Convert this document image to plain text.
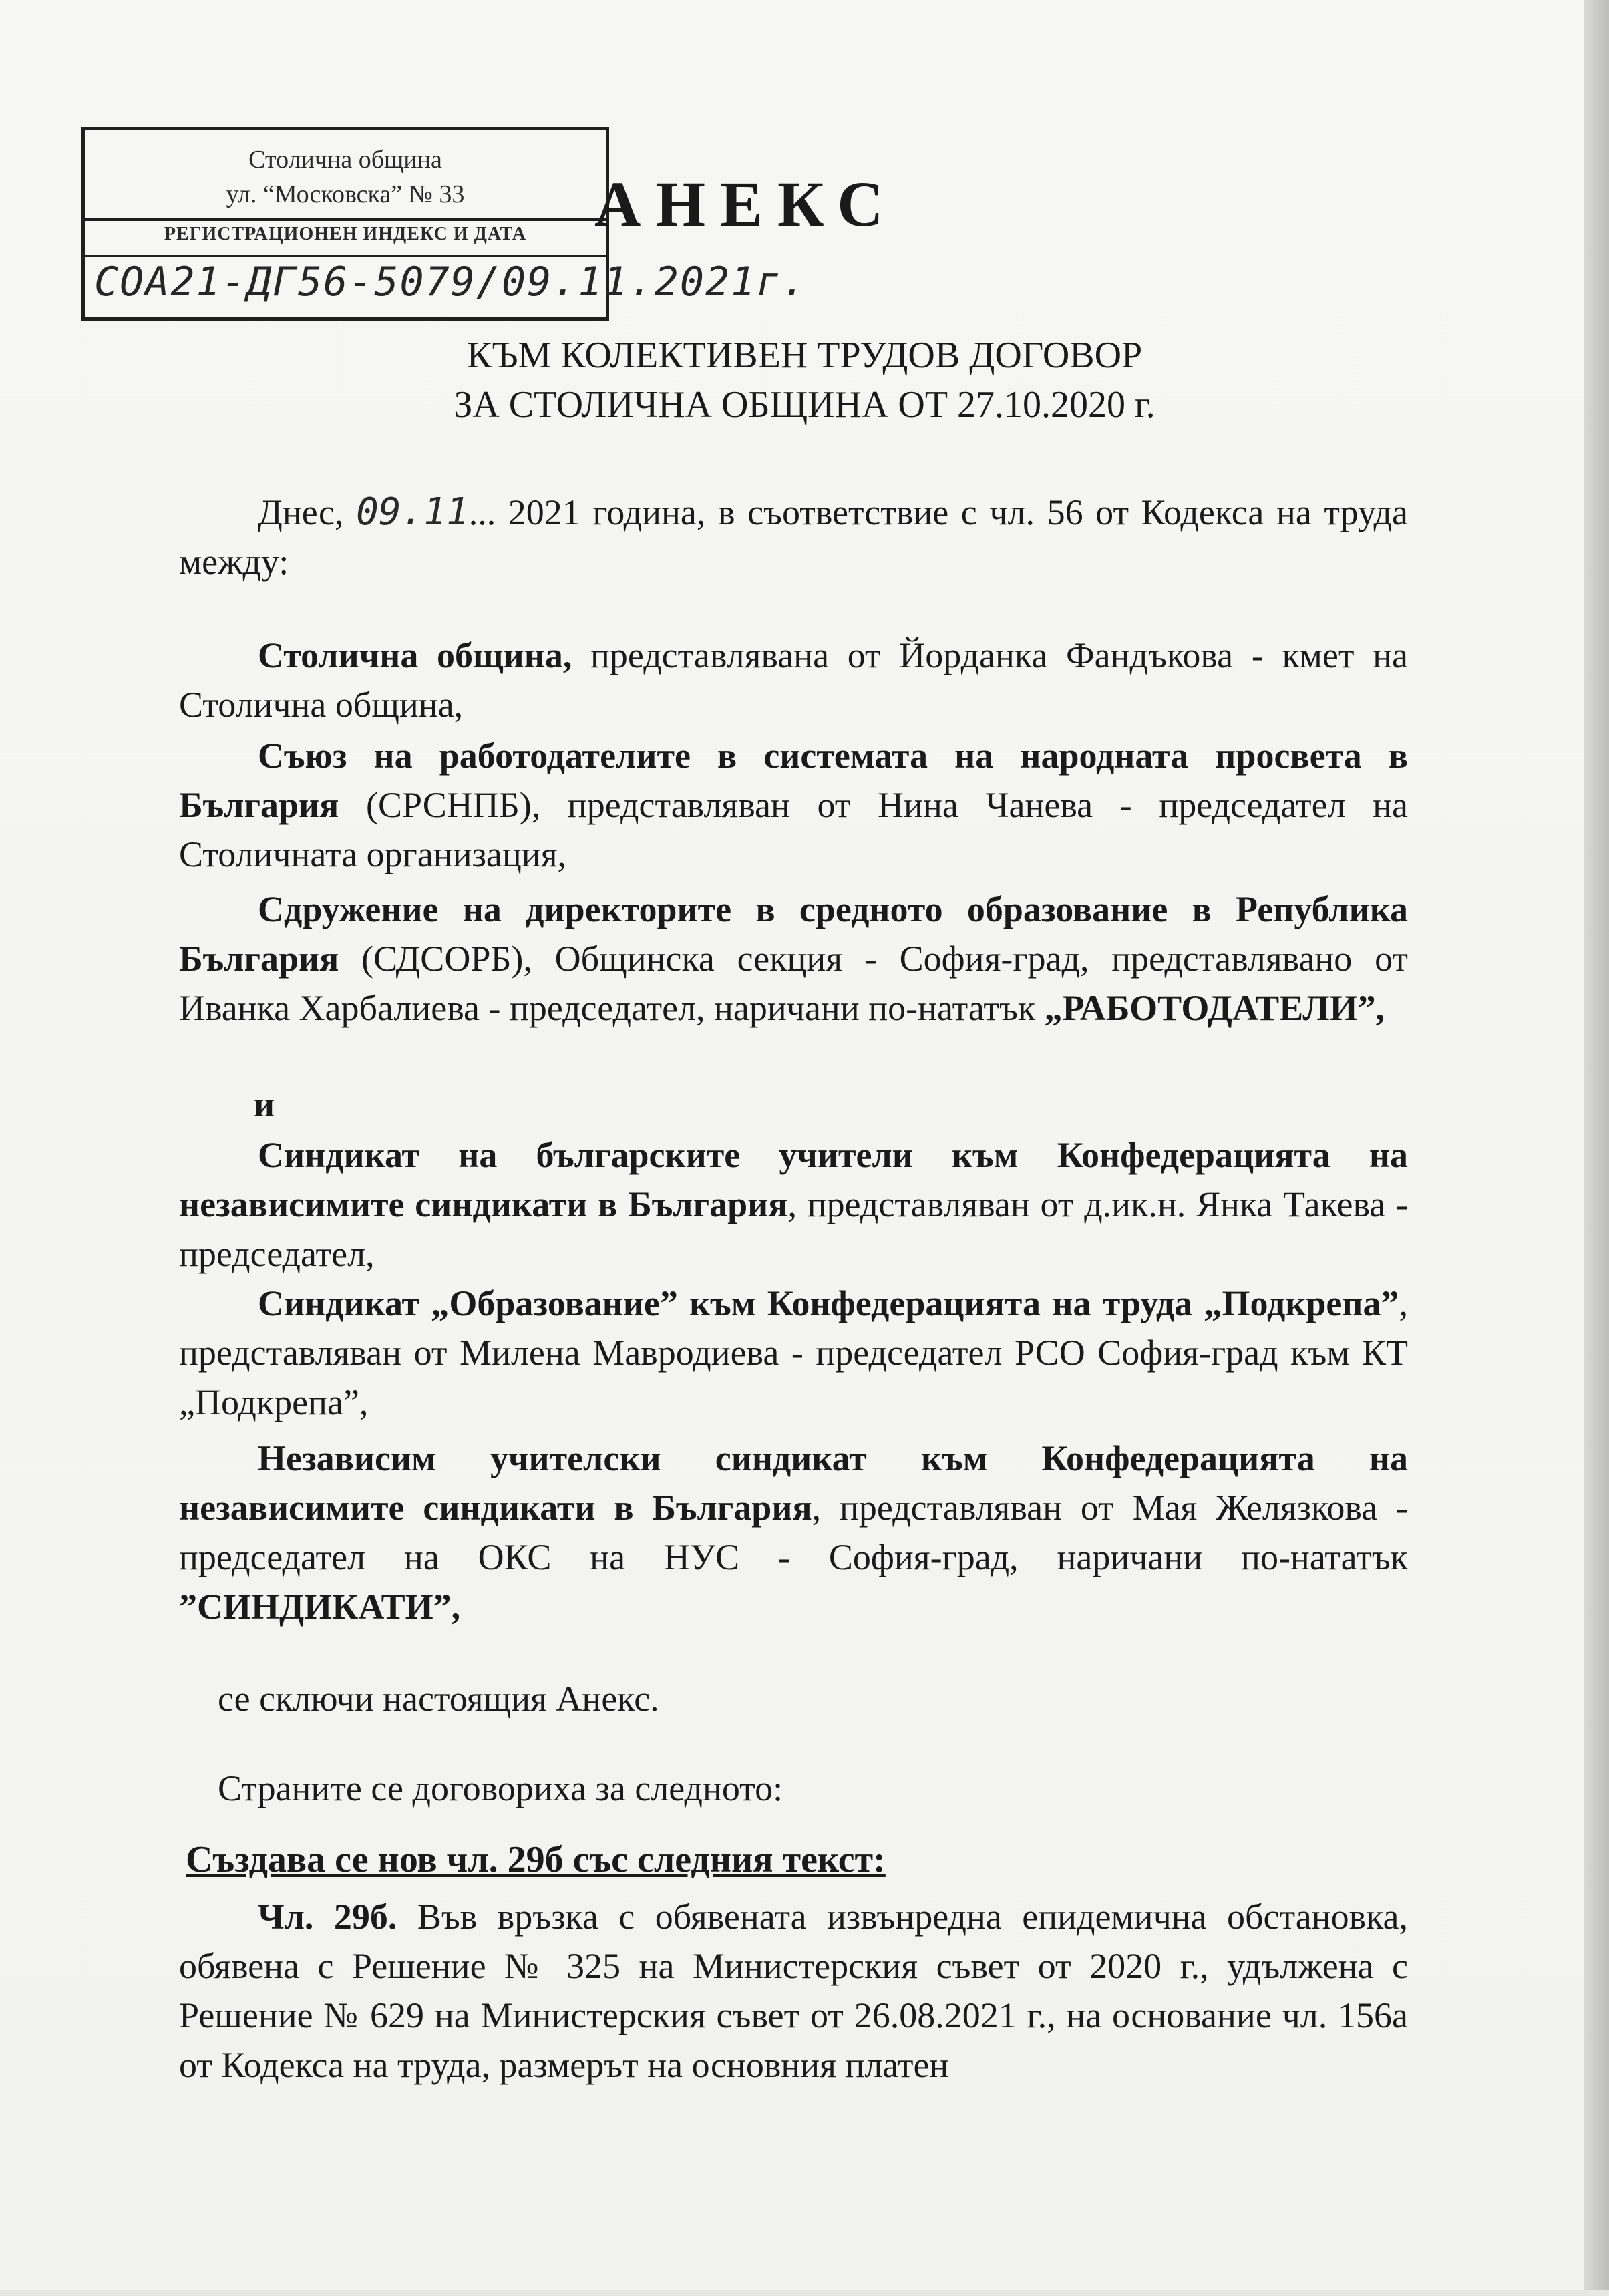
Столична община
ул. “Московска” № 33
РЕГИСТРАЦИОНЕН ИНДЕКС И ДАТА
СОА21-ДГ56-5079/09.11.2021г.
АНЕКС
КЪМ КОЛЕКТИВЕН ТРУДОВ ДОГОВОР
ЗА СТОЛИЧНА ОБЩИНА ОТ 27.10.2020 г.
Днес, 09.11... 2021 година, в съответствие с чл. 56 от Кодекса на труда между:
Столична община, представлявана от Йорданка Фандъкова - кмет на Столична община,
Съюз на работодателите в системата на народната просвета в България (СРСНПБ), представляван от Нина Чанева - председател на Столичната организация,
Сдружение на директорите в средното образование в Република България (СДСОРБ), Общинска секция - София-град, представлявано от Иванка Харбалиева - председател, наричани по-нататък „РАБОТОДАТЕЛИ”,
и
Синдикат на българските учители към Конфедерацията на независимите синдикати в България, представляван от д.ик.н. Янка Такева - председател,
Синдикат „Образование” към Конфедерацията на труда „Подкрепа”, представляван от Милена Мавродиева - председател РСО София-град към КТ „Подкрепа”,
Независим учителски синдикат към Конфедерацията на независимите синдикати в България, представляван от Мая Желязкова - председател на ОКС на НУС - София-град, наричани по-нататък ”СИНДИКАТИ”,
се сключи настоящия Анекс.
Страните се договориха за следното:
Създава се нов чл. 29б със следния текст:
Чл. 29б. Във връзка с обявената извънредна епидемична обстановка, обявена с Решение № 325 на Министерския съвет от 2020 г., удължена с Решение № 629 на Министерския съвет от 26.08.2021 г., на основание чл. 156а от Кодекса на труда, размерът на основния платен
